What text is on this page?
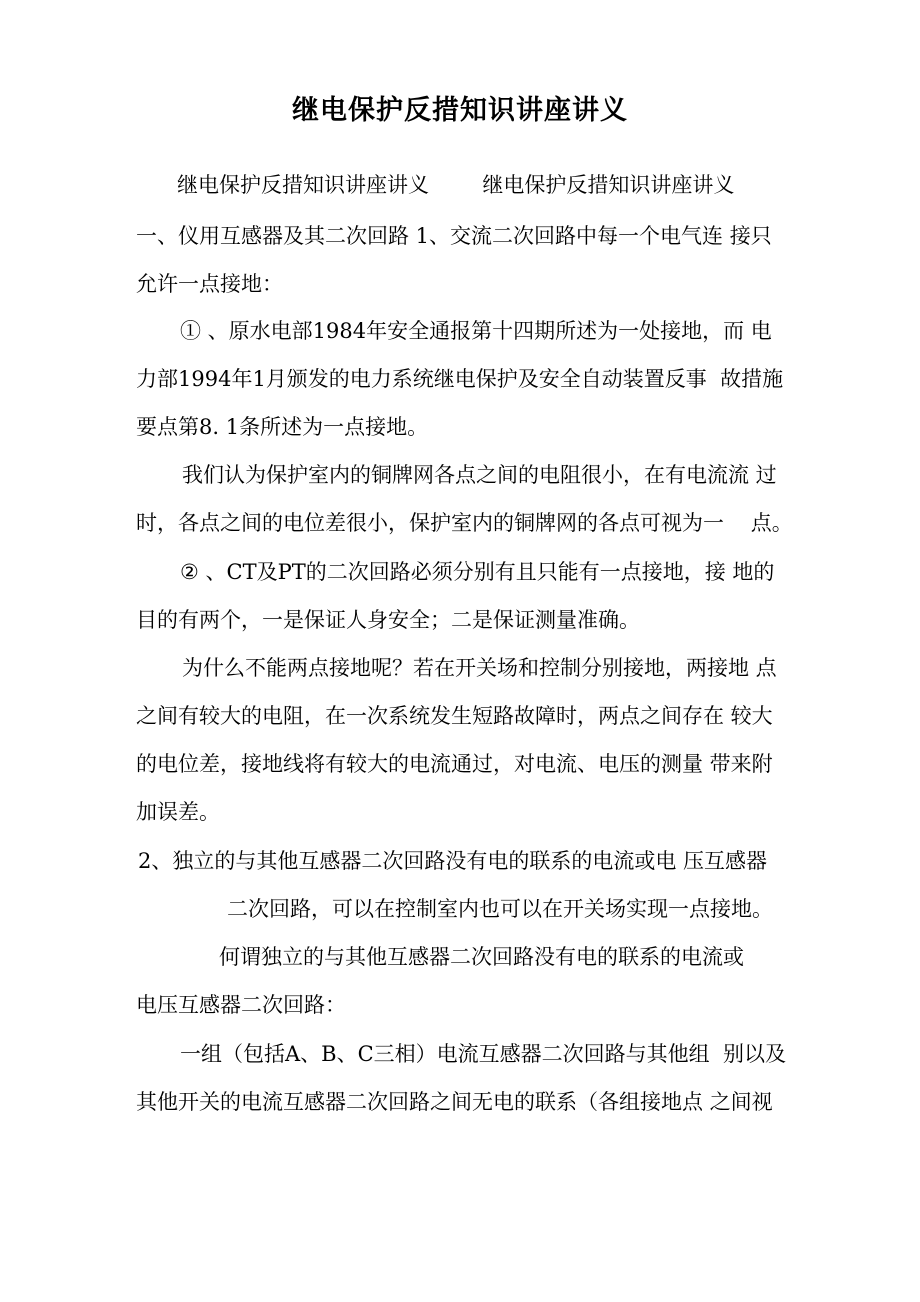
继电保护反措知识讲座讲义
继电保护反措知识讲座讲义        继电保护反措知识讲座讲义
一、仪用互感器及其二次回路 1、交流二次回路中每一个电气连 接只
允许一点接地：
① 、原水电部1984年安全通报第十四期所述为一处接地，而 电
力部1994年1月颁发的电力系统继电保护及安全自动装置反事  故措施
要点第8. 1条所述为一点接地。
我们认为保护室内的铜牌网各点之间的电阻很小，在有电流流 过
时，各点之间的电位差很小，保护室内的铜牌网的各点可视为一    点。
② 、CT及PT的二次回路必须分别有且只能有一点接地，接 地的
目的有两个，一是保证人身安全；二是保证测量准确。
为什么不能两点接地呢？若在开关场和控制分别接地，两接地 点
之间有较大的电阻，在一次系统发生短路故障时，两点之间存在 较大
的电位差，接地线将有较大的电流通过，对电流、电压的测量 带来附
加误差。
2、独立的与其他互感器二次回路没有电的联系的电流或电 压互感器
二次回路，可以在控制室内也可以在开关场实现一点接地。
何谓独立的与其他互感器二次回路没有电的联系的电流或
电压互感器二次回路：
一组（包括A、B、C三相）电流互感器二次回路与其他组  别以及
其他开关的电流互感器二次回路之间无电的联系（各组接地点 之间视
